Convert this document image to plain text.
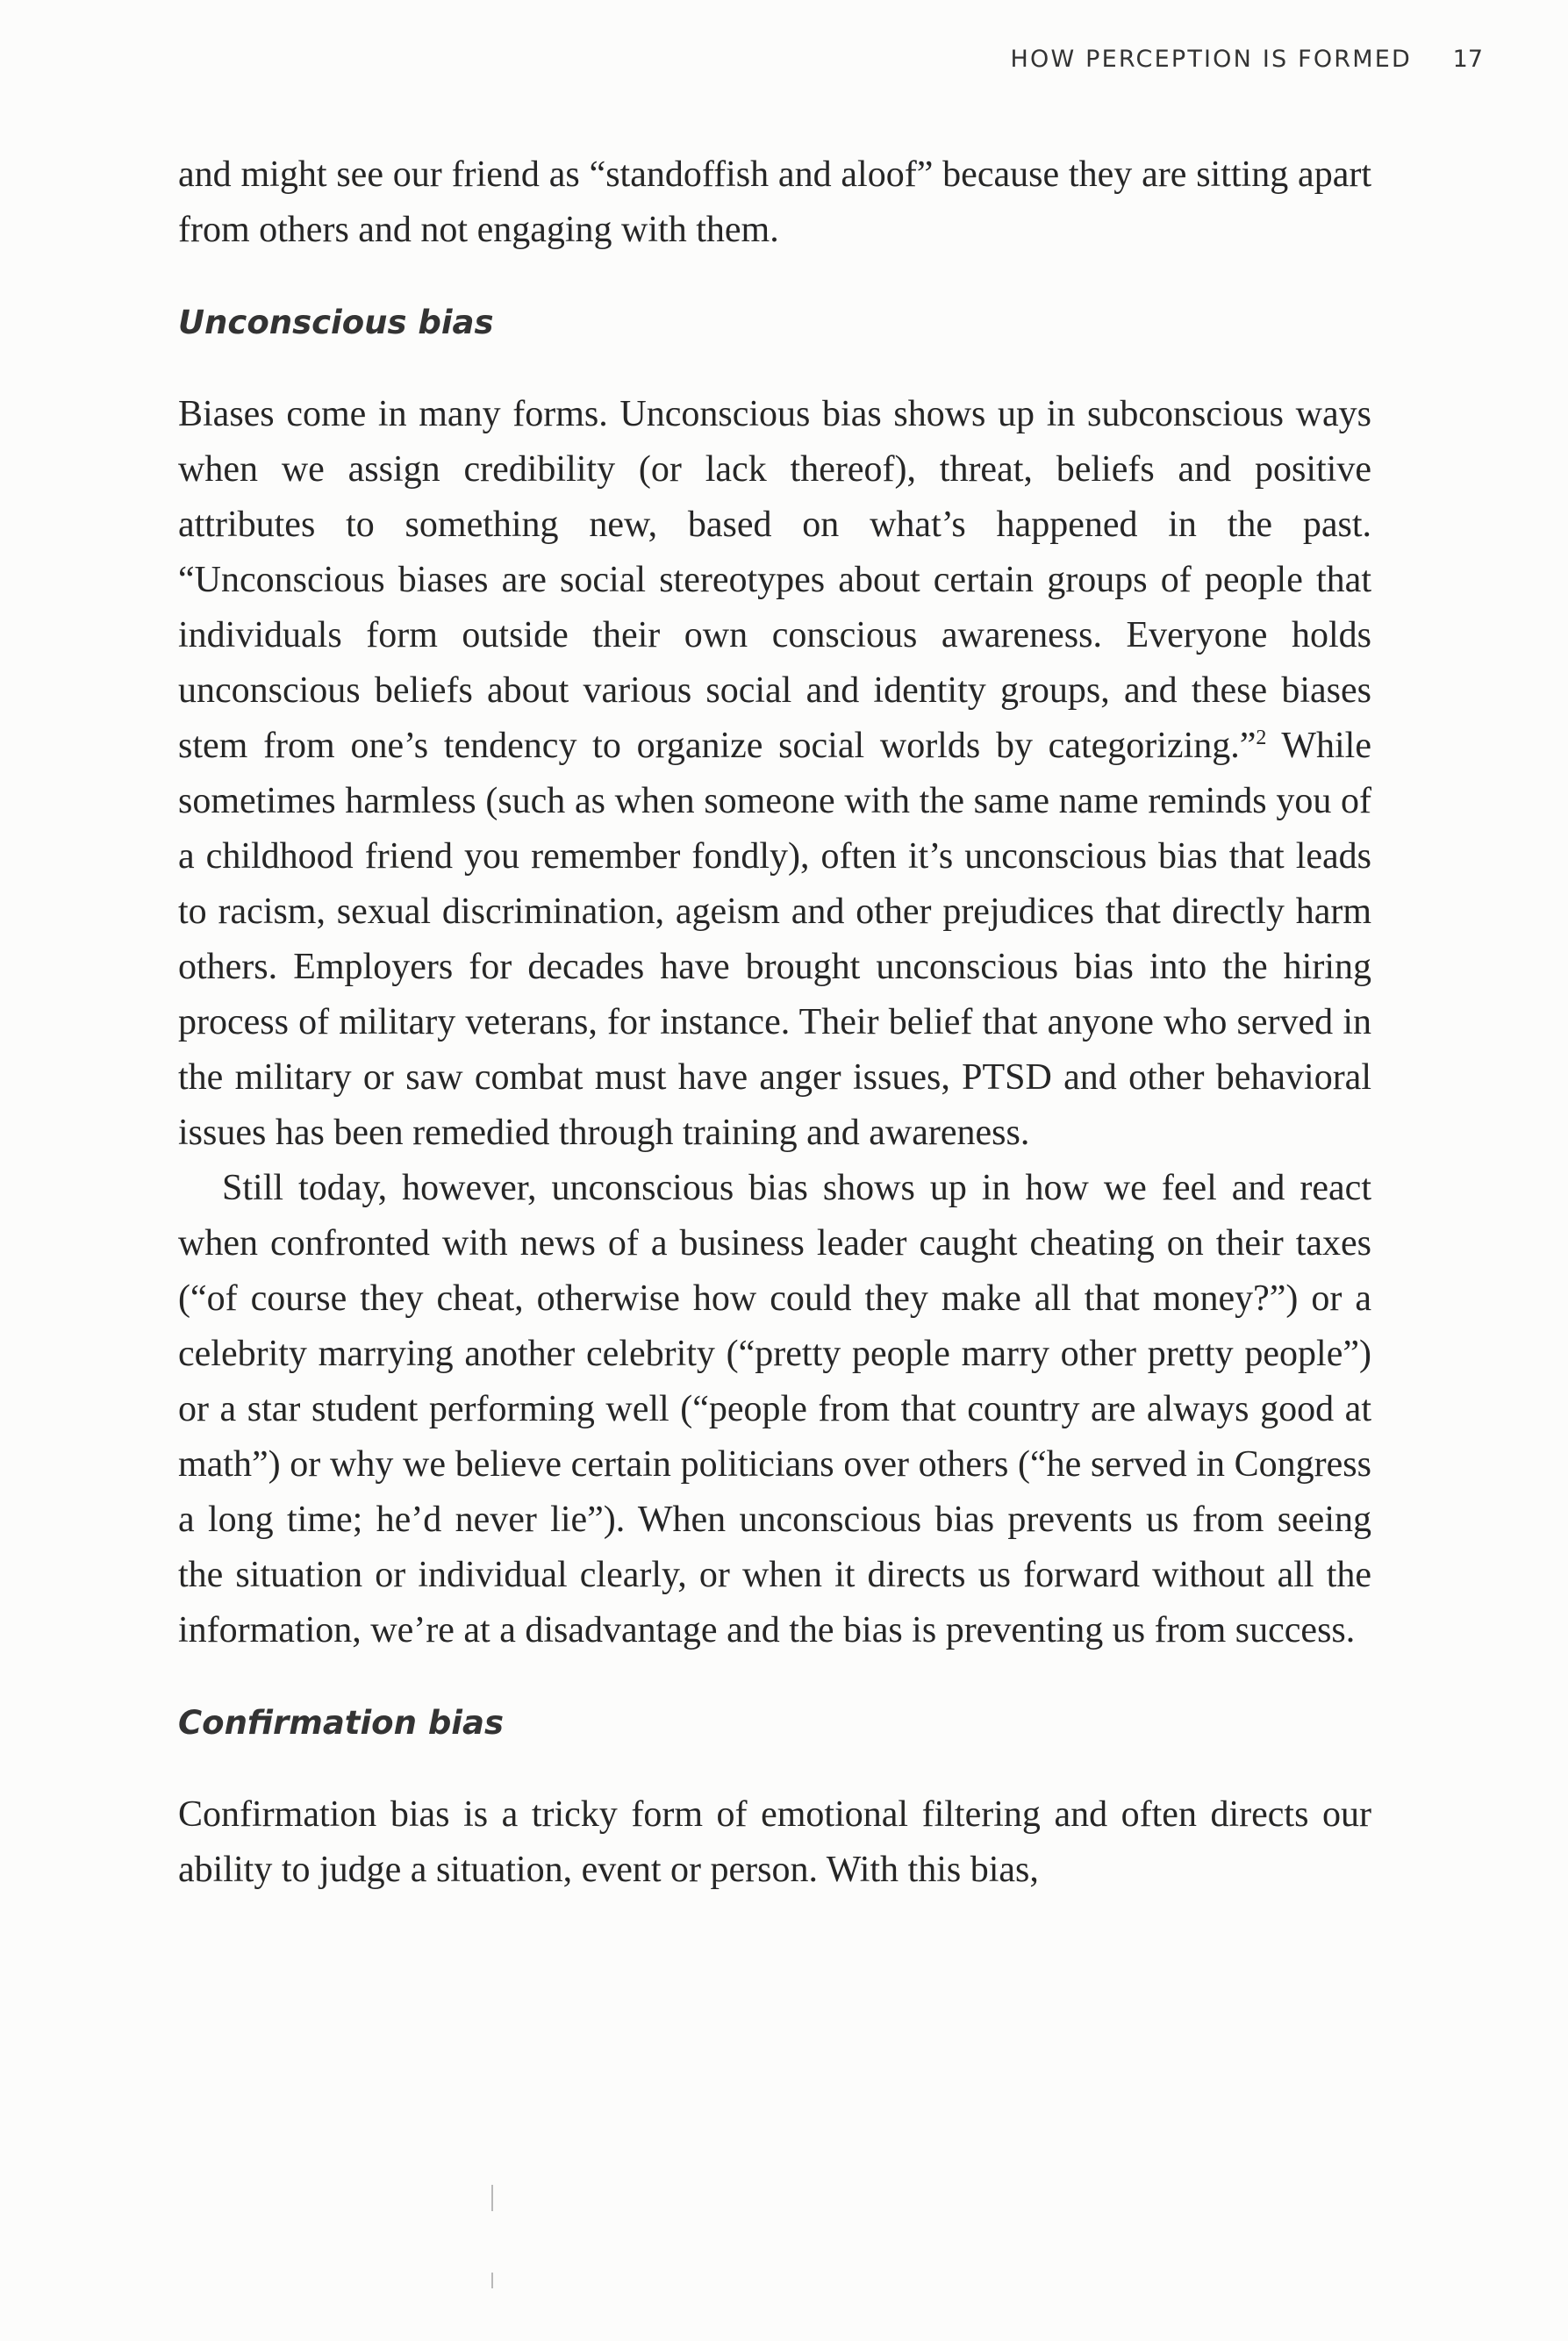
HOW PERCEPTION IS FORMED 17

and might see our friend as “standoffish and aloof” because they are sitting apart from others and not engaging with them.

Unconscious bias

Biases come in many forms. Unconscious bias shows up in subconscious ways when we assign credibility (or lack thereof), threat, beliefs and positive attributes to something new, based on what’s happened in the past. “Unconscious biases are social stereotypes about certain groups of people that individuals form outside their own conscious awareness. Everyone holds unconscious beliefs about various social and identity groups, and these biases stem from one’s tendency to organize social worlds by categorizing.”$^2$ While sometimes harmless (such as when someone with the same name reminds you of a childhood friend you remember fondly), often it’s unconscious bias that leads to racism, sexual discrimination, ageism and other prejudices that directly harm others. Employers for decades have brought unconscious bias into the hiring process of military veterans, for instance. Their belief that anyone who served in the military or saw combat must have anger issues, PTSD and other behavioral issues has been remedied through training and awareness.

Still today, however, unconscious bias shows up in how we feel and react when confronted with news of a business leader caught cheating on their taxes (“of course they cheat, otherwise how could they make all that money?”) or a celebrity marrying another celebrity (“pretty people marry other pretty people”) or a star student performing well (“people from that country are always good at math”) or why we believe certain politicians over others (“he served in Congress a long time; he’d never lie”). When unconscious bias prevents us from seeing the situation or individual clearly, or when it directs us forward without all the information, we’re at a disadvantage and the bias is preventing us from success.

Confirmation bias

Confirmation bias is a tricky form of emotional filtering and often directs our ability to judge a situation, event or person. With this bias,
